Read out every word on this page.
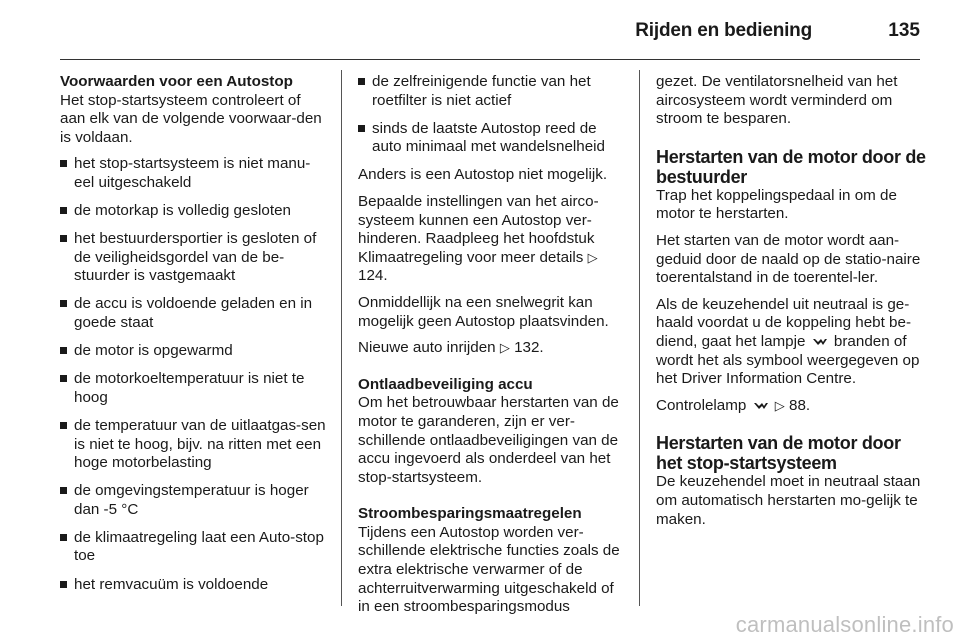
Rijden en bediening	135
Voorwaarden voor een Autostop

Het stop-startsysteem controleert of aan elk van de volgende voorwaar-den is voldaan.

het stop-startsysteem is niet manu-eel uitgeschakeld
de motorkap is volledig gesloten
het bestuurdersportier is gesloten of de veiligheidsgordel van de be-stuurder is vastgemaakt
de accu is voldoende geladen en in goede staat
de motor is opgewarmd
de motorkoeltemperatuur is niet te hoog
de temperatuur van de uitlaatgas-sen is niet te hoog, bijv. na ritten met een hoge motorbelasting
de omgevingstemperatuur is hoger dan -5 °C
de klimaatregeling laat een Auto-stop toe
het remvacuüm is voldoende
de zelfreinigende functie van het roetfilter is niet actief
sinds de laatste Autostop reed de auto minimaal met wandelsnelheid

Anders is een Autostop niet mogelijk.

Bepaalde instellingen van het airco-systeem kunnen een Autostop ver-hinderen. Raadpleeg het hoofdstuk Klimaatregeling voor meer details ▷ 124.

Onmiddellijk na een snelwegrit kan mogelijk geen Autostop plaatsvinden.

Nieuwe auto inrijden ▷ 132.

Ontlaadbeveiliging accu

Om het betrouwbaar herstarten van de motor te garanderen, zijn er ver-schillende ontlaadbeveiligingen van de accu ingevoerd als onderdeel van het stop-startsysteem.

Stroombesparingsmaatregelen

Tijdens een Autostop worden ver-schillende elektrische functies zoals de extra elektrische verwarmer of de achterruitverwarming uitgeschakeld of in een stroombesparingsmodus

gezet. De ventilatorsnelheid van het aircosysteem wordt verminderd om stroom te besparen.

Herstarten van de motor door de bestuurder

Trap het koppelingspedaal in om de motor te herstarten.

Het starten van de motor wordt aan-geduid door de naald op de statio-naire toerentalstand in de toerentel-ler.

Als de keuzehendel uit neutraal is ge-haald voordat u de koppeling hebt be-diend, gaat het lampje branden of wordt het als symbool weergegeven op het Driver Information Centre.

Controlelamp ▷ 88.

Herstarten van de motor door het stop-startsysteem

De keuzehendel moet in neutraal staan om automatisch herstarten mo-gelijk te maken.

carmanualsonline.info
